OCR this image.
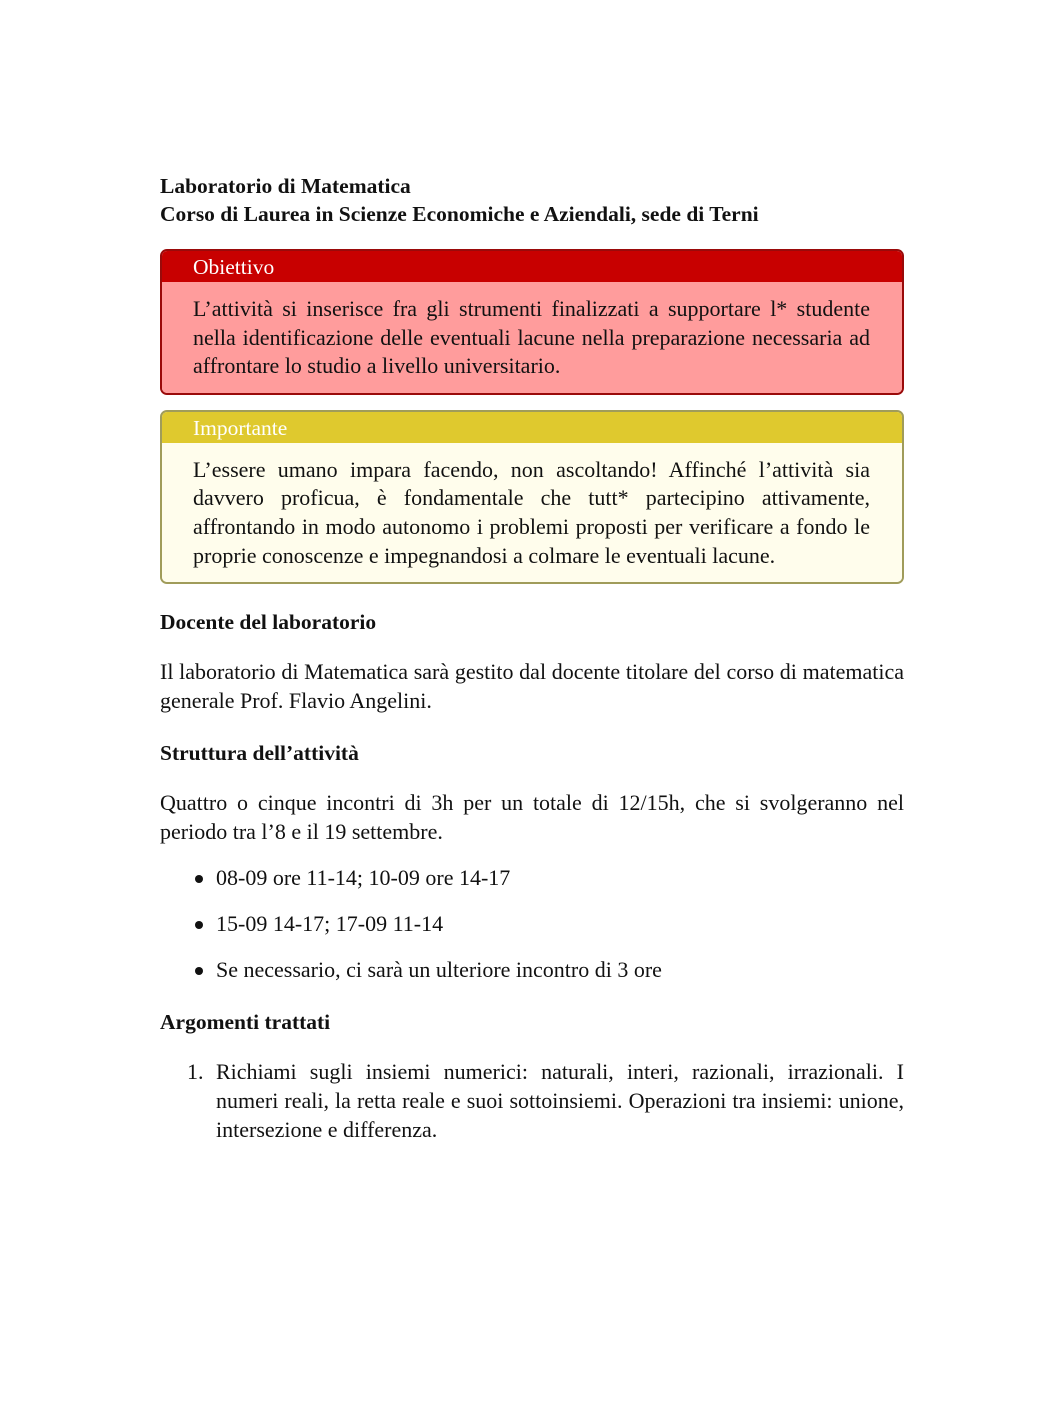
Laboratorio di Matematica

Corso di Laurea in Scienze Economiche e Aziendali, sede di Terni

Obiettivo
L’attività si inserisce fra gli strumenti finalizzati a supportare l* studente nella identificazione delle eventuali lacune nella preparazione necessaria ad affrontare lo studio a livello universitario.
Importante
L’essere umano impara facendo, non ascoltando! Affinché l’attività sia davvero proficua, è fondamentale che tutt* partecipino attivamente, affrontando in modo autonomo i problemi proposti per verificare a fondo le proprie conoscenze e impegnandosi a colmare le eventuali lacune.

Docente del laboratorio

Il laboratorio di Matematica sarà gestito dal docente titolare del corso di matematica generale Prof. Flavio Angelini.

Struttura dell’attività

Quattro o cinque incontri di 3h per un totale di 12/15h, che si svolgeranno nel periodo tra l’8 e il 19 settembre.

08-09 ore 11-14; 10-09 ore 14-17
15-09 14-17; 17-09 11-14
Se necessario, ci sarà un ulteriore incontro di 3 ore

Argomenti trattati

1. Richiami sugli insiemi numerici: naturali, interi, razionali, irrazionali. I numeri reali, la retta reale e suoi sottoinsiemi. Operazioni tra insiemi: unione, intersezione e differenza.
